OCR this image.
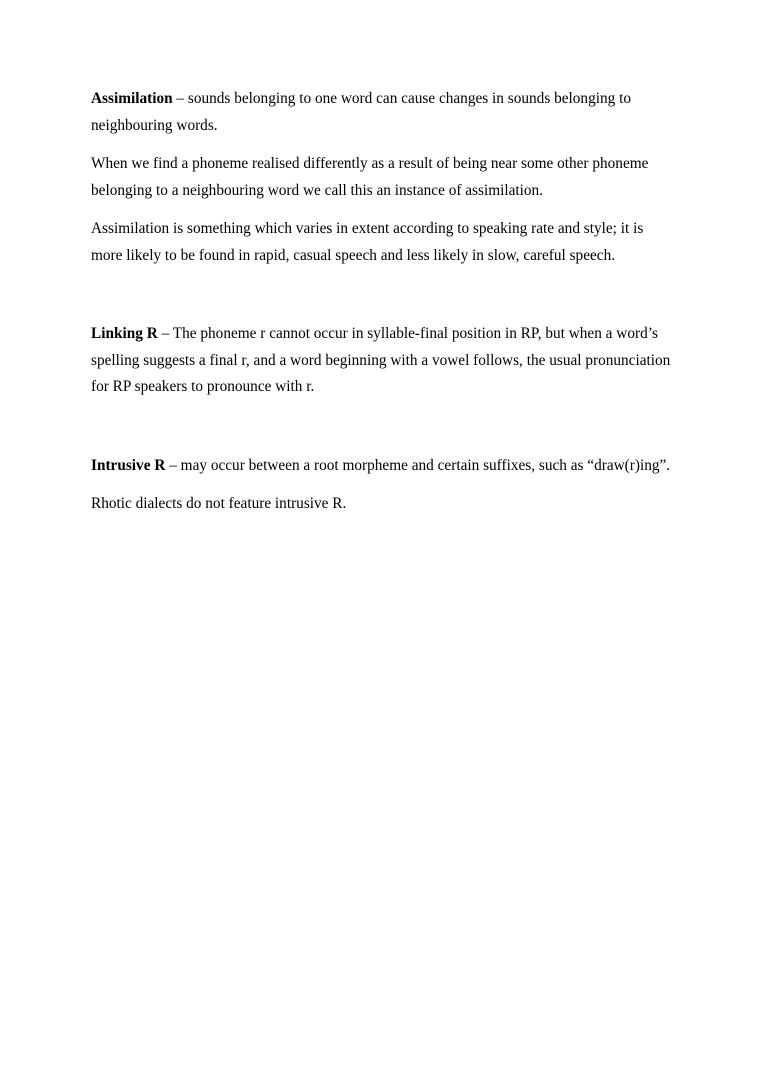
Assimilation – sounds belonging to one word can cause changes in sounds belonging to neighbouring words.

When we find a phoneme realised differently as a result of being near some other phoneme belonging to a neighbouring word we call this an instance of assimilation.

Assimilation is something which varies in extent according to speaking rate and style; it is more likely to be found in rapid, casual speech and less likely in slow, careful speech.

Linking R – The phoneme r cannot occur in syllable-final position in RP, but when a word’s spelling suggests a final r, and a word beginning with a vowel follows, the usual pronunciation for RP speakers to pronounce with r.

Intrusive R – may occur between a root morpheme and certain suffixes, such as “draw(r)ing”.

Rhotic dialects do not feature intrusive R.
